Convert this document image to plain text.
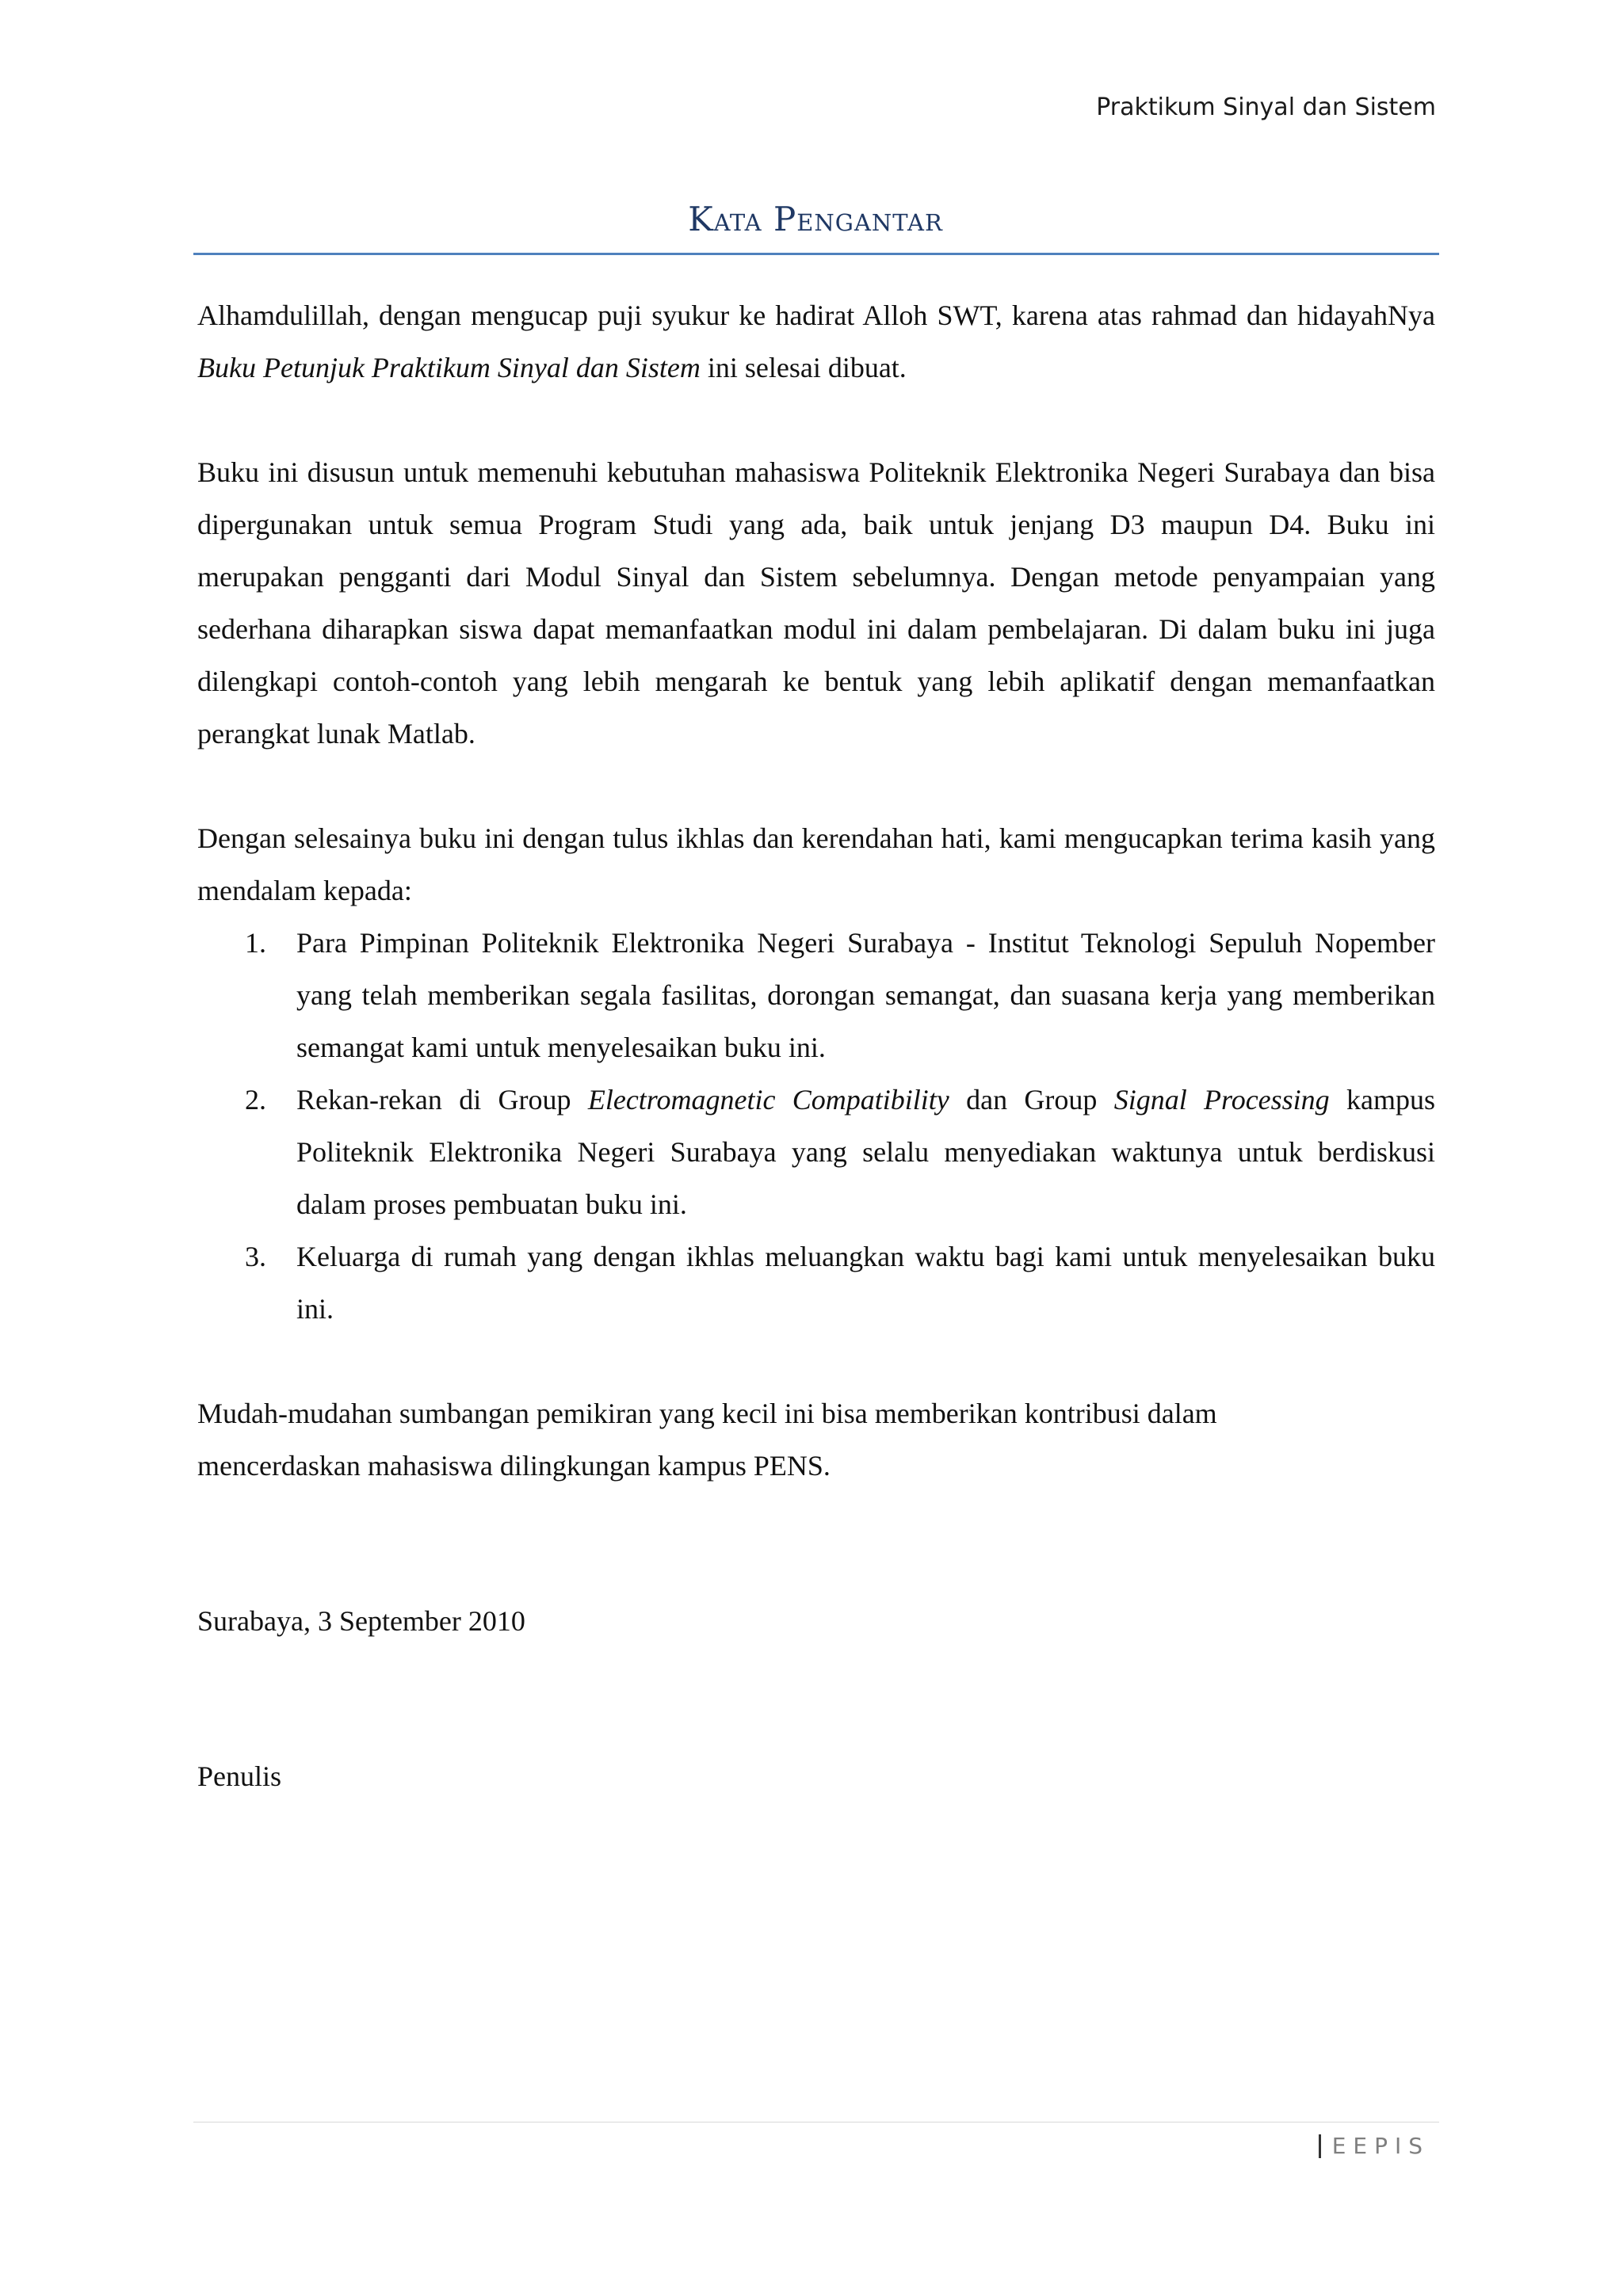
Praktikum Sinyal dan Sistem
Kata Pengantar

Alhamdulillah, dengan mengucap puji syukur ke hadirat Alloh SWT, karena atas rahmad dan hidayahNya Buku Petunjuk Praktikum Sinyal dan Sistem ini selesai dibuat.

Buku ini disusun untuk memenuhi kebutuhan mahasiswa Politeknik Elektronika Negeri Surabaya dan bisa dipergunakan untuk semua Program Studi yang ada, baik untuk jenjang D3 maupun D4. Buku ini merupakan pengganti dari Modul Sinyal dan Sistem sebelumnya. Dengan metode penyampaian yang sederhana diharapkan siswa dapat memanfaatkan modul ini dalam pembelajaran. Di dalam buku ini juga dilengkapi contoh-contoh yang lebih mengarah ke bentuk yang lebih aplikatif dengan memanfaatkan perangkat lunak Matlab.

Dengan selesainya buku ini dengan tulus ikhlas dan kerendahan hati, kami mengucapkan terima kasih yang mendalam kepada:

1. Para Pimpinan Politeknik Elektronika Negeri Surabaya - Institut Teknologi Sepuluh Nopember yang telah memberikan segala fasilitas, dorongan semangat, dan suasana kerja yang memberikan semangat kami untuk menyelesaikan buku ini.
2. Rekan-rekan di Group Electromagnetic Compatibility dan Group Signal Processing kampus Politeknik Elektronika Negeri Surabaya yang selalu menyediakan waktunya untuk berdiskusi dalam proses pembuatan buku ini.
3. Keluarga di rumah yang dengan ikhlas meluangkan waktu bagi kami untuk menyelesaikan buku ini.

Mudah-mudahan sumbangan pemikiran yang kecil ini bisa memberikan kontribusi dalam
mencerdaskan mahasiswa dilingkungan kampus PENS.

Surabaya, 3 September 2010

Penulis

EEPIS
